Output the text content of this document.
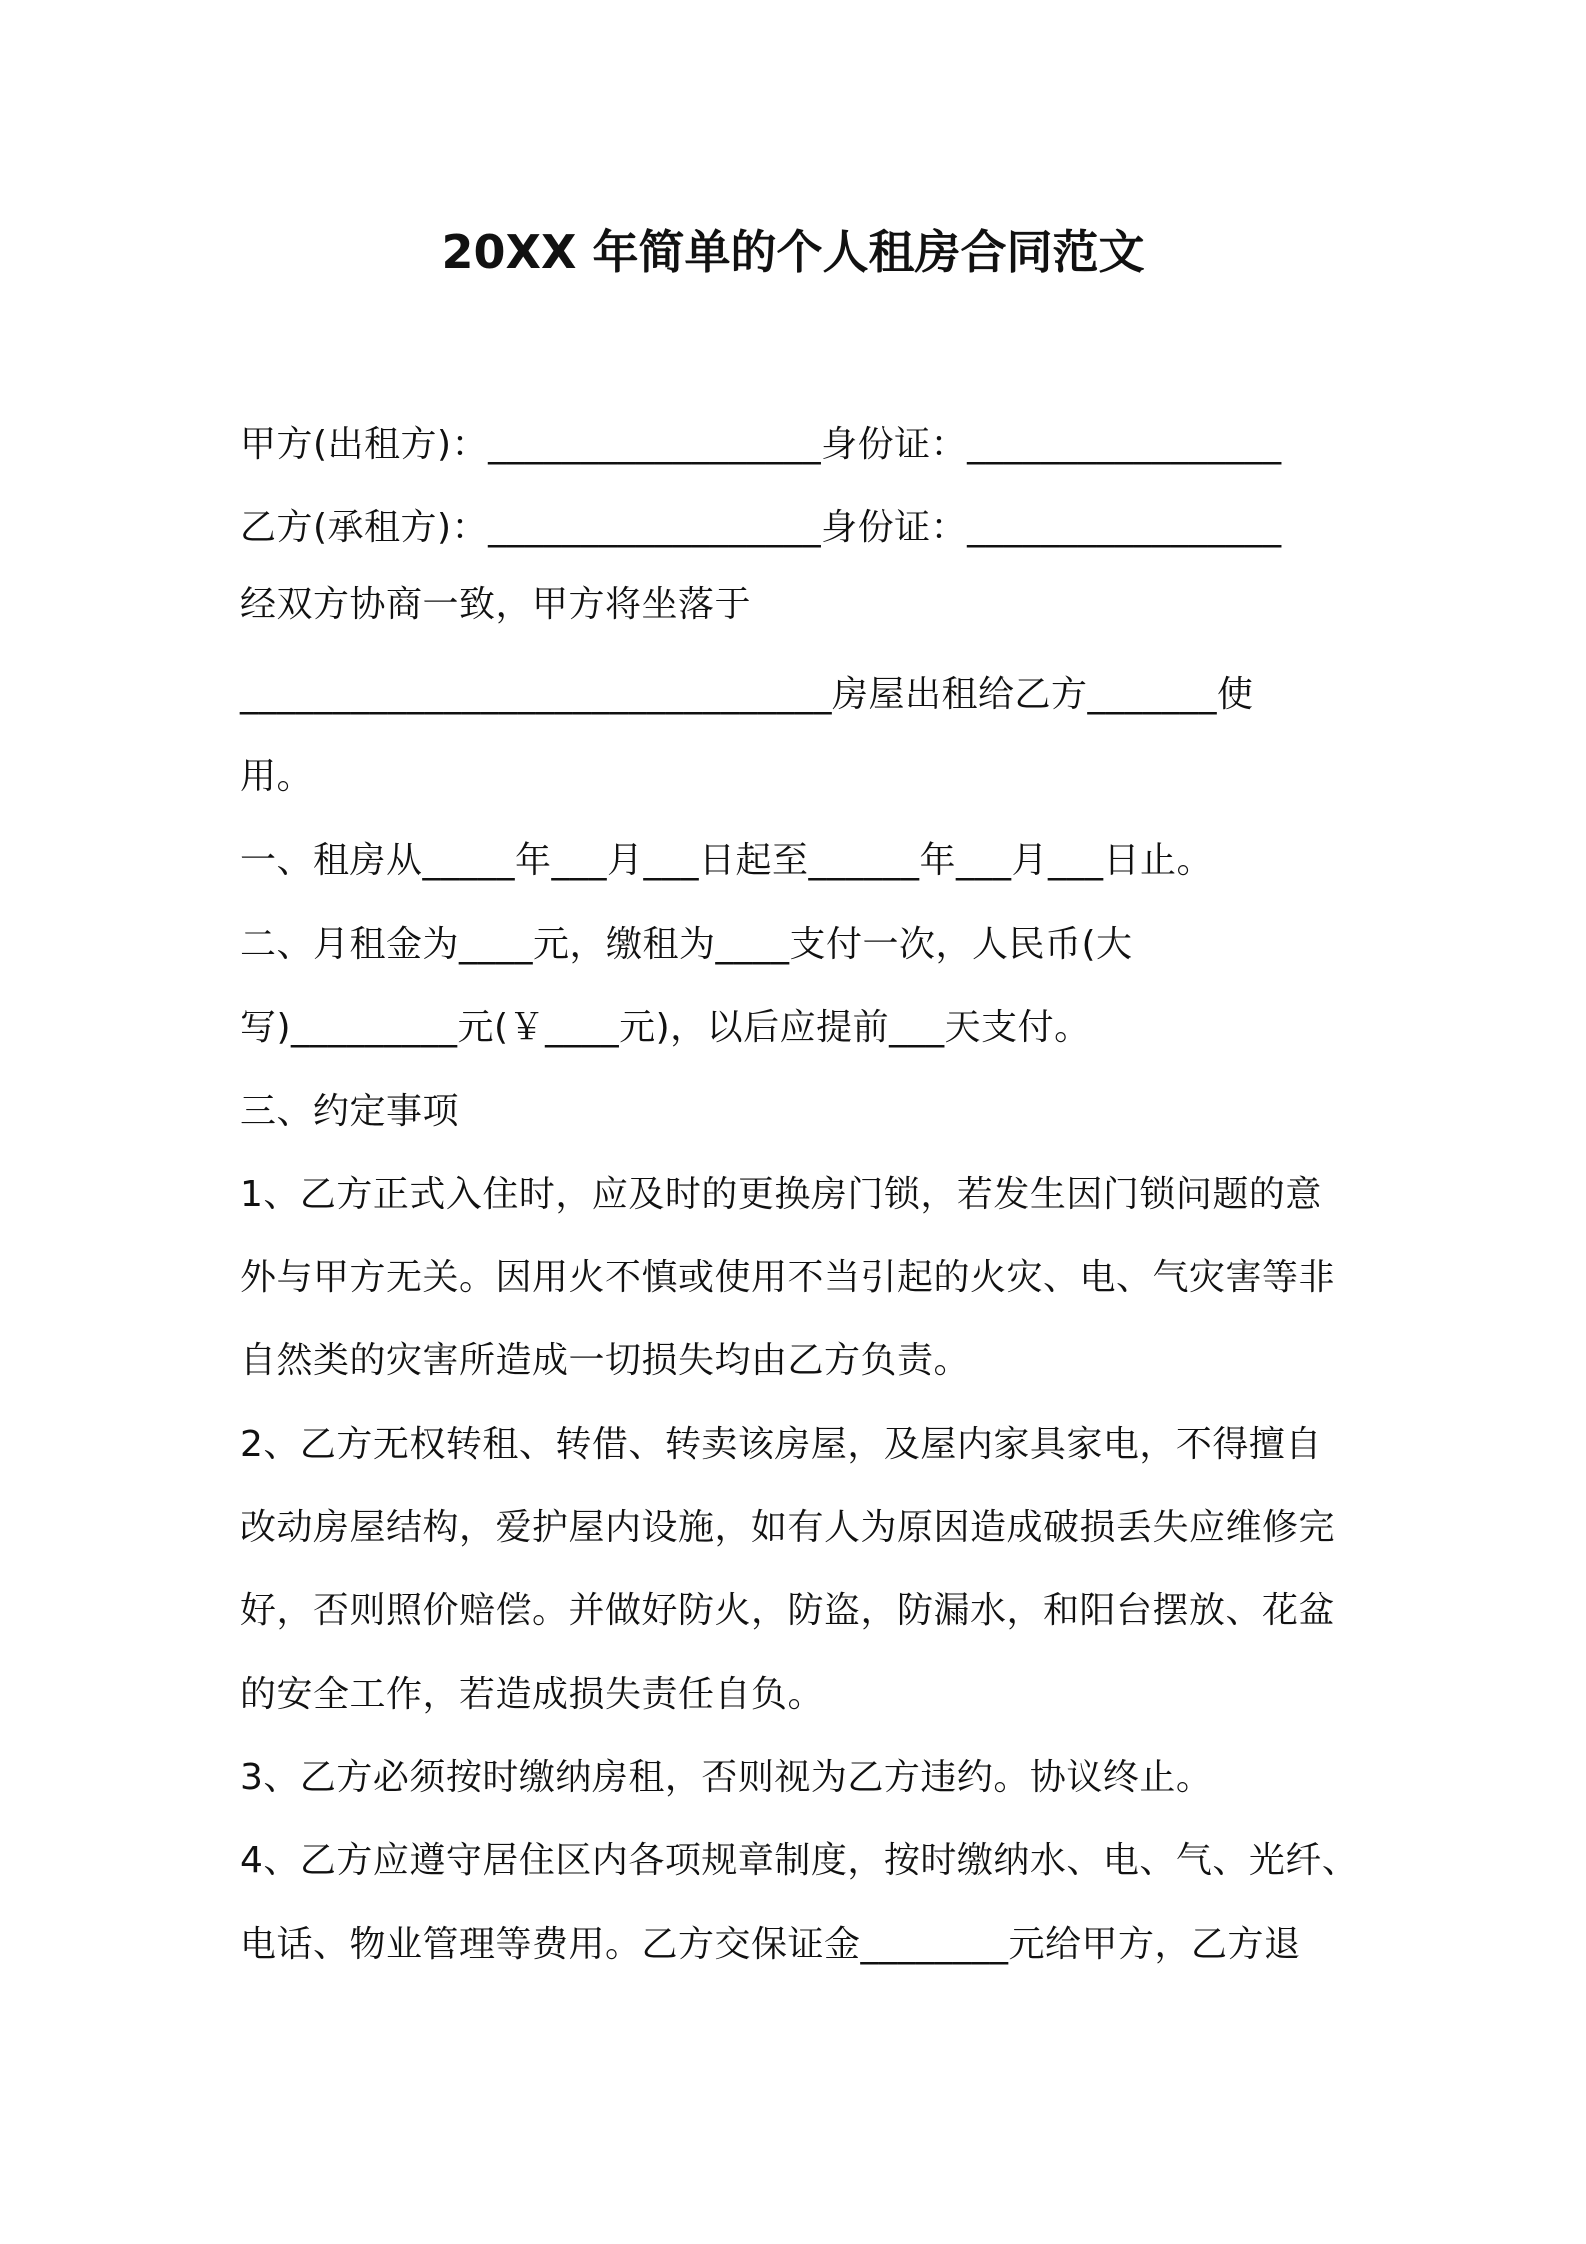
20XX 年简单的个人租房合同范文
甲方(出租方)：__________________身份证：_________________
乙方(承租方)：__________________身份证：_________________
经双方协商一致，甲方将坐落于
________________________________房屋出租给乙方_______使
用。
一、租房从_____年___月___日起至______年___月___日止。
二、月租金为____元，缴租为____支付一次，人民币(大
写)_________元(￥____元)，以后应提前___天支付。
三、约定事项
1、乙方正式入住时，应及时的更换房门锁，若发生因门锁问题的意
外与甲方无关。因用火不慎或使用不当引起的火灾、电、气灾害等非
自然类的灾害所造成一切损失均由乙方负责。
2、乙方无权转租、转借、转卖该房屋，及屋内家具家电，不得擅自
改动房屋结构，爱护屋内设施，如有人为原因造成破损丢失应维修完
好，否则照价赔偿。并做好防火，防盗，防漏水，和阳台摆放、花盆
的安全工作，若造成损失责任自负。
3、乙方必须按时缴纳房租，否则视为乙方违约。协议终止。
4、乙方应遵守居住区内各项规章制度，按时缴纳水、电、气、光纤、
电话、物业管理等费用。乙方交保证金________元给甲方，乙方退
